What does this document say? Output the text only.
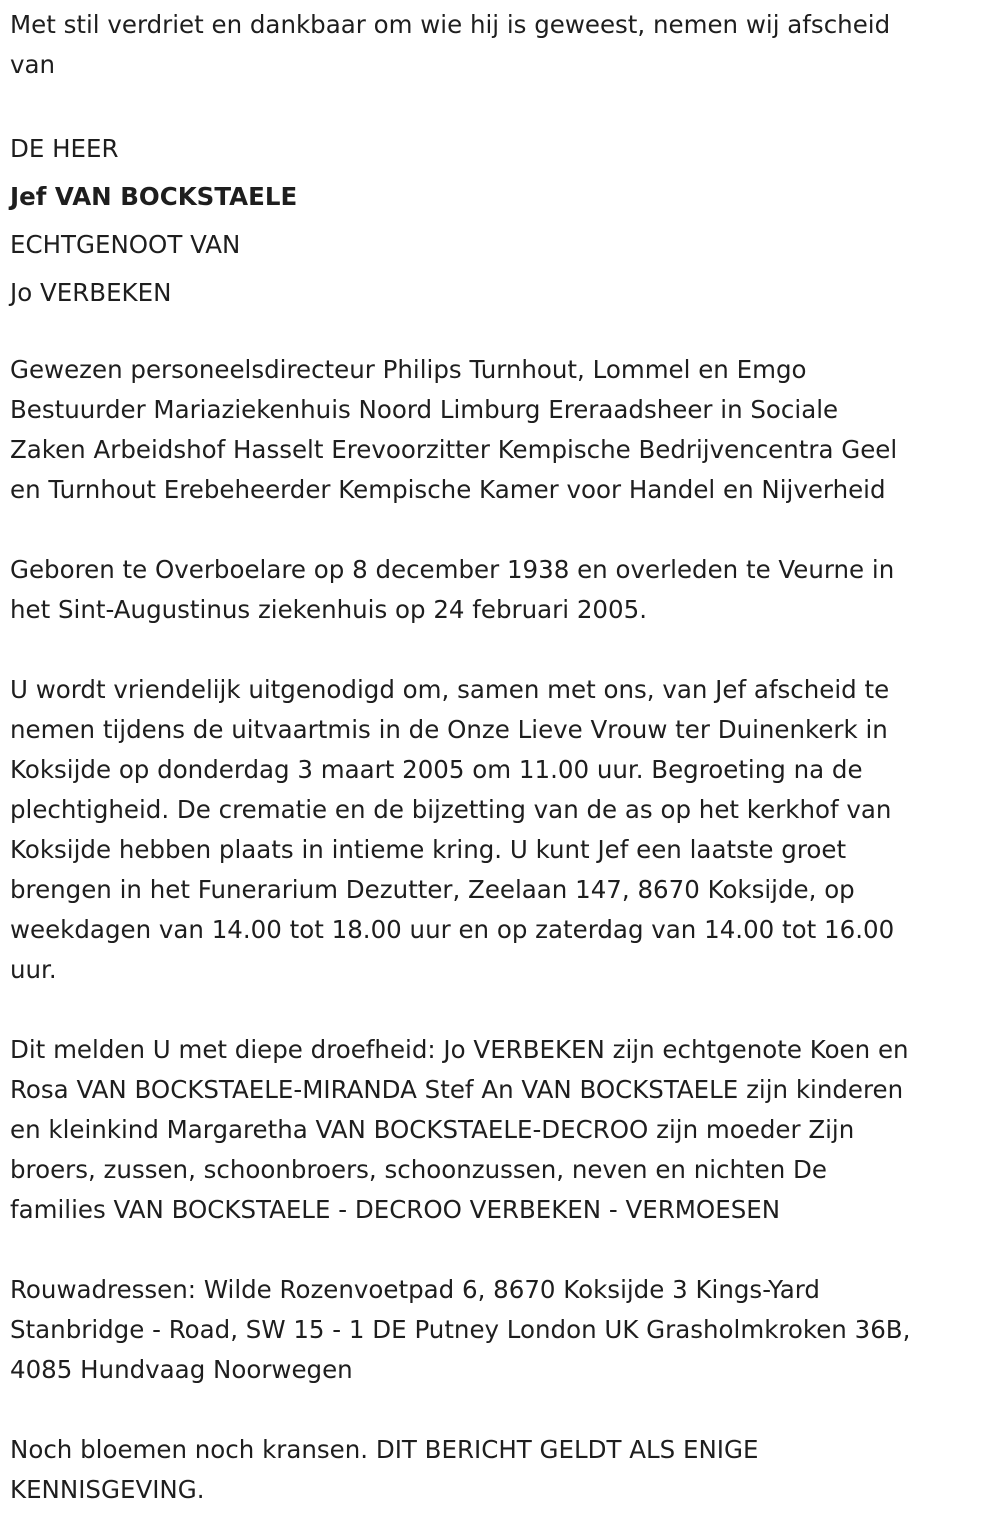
Met stil verdriet en dankbaar om wie hij is geweest, nemen wij afscheid
van
DE HEER
Jef VAN BOCKSTAELE
ECHTGENOOT VAN
Jo VERBEKEN
Gewezen personeelsdirecteur Philips Turnhout, Lommel en Emgo
Bestuurder Mariaziekenhuis Noord Limburg Ereraadsheer in Sociale
Zaken Arbeidshof Hasselt Erevoorzitter Kempische Bedrijvencentra Geel
en Turnhout Erebeheerder Kempische Kamer voor Handel en Nijverheid
Geboren te Overboelare op 8 december 1938 en overleden te Veurne in
het Sint-Augustinus ziekenhuis op 24 februari 2005.
U wordt vriendelijk uitgenodigd om, samen met ons, van Jef afscheid te
nemen tijdens de uitvaartmis in de Onze Lieve Vrouw ter Duinenkerk in
Koksijde op donderdag 3 maart 2005 om 11.00 uur. Begroeting na de
plechtigheid. De crematie en de bijzetting van de as op het kerkhof van
Koksijde hebben plaats in intieme kring. U kunt Jef een laatste groet
brengen in het Funerarium Dezutter, Zeelaan 147, 8670 Koksijde, op
weekdagen van 14.00 tot 18.00 uur en op zaterdag van 14.00 tot 16.00
uur.
Dit melden U met diepe droefheid: Jo VERBEKEN zijn echtgenote Koen en
Rosa VAN BOCKSTAELE-MIRANDA Stef An VAN BOCKSTAELE zijn kinderen
en kleinkind Margaretha VAN BOCKSTAELE-DECROO zijn moeder Zijn
broers, zussen, schoonbroers, schoonzussen, neven en nichten De
families VAN BOCKSTAELE - DECROO VERBEKEN - VERMOESEN
Rouwadressen: Wilde Rozenvoetpad 6, 8670 Koksijde 3 Kings-Yard
Stanbridge - Road, SW 15 - 1 DE Putney London UK Grasholmkroken 36B,
4085 Hundvaag Noorwegen
Noch bloemen noch kransen. DIT BERICHT GELDT ALS ENIGE
KENNISGEVING.
